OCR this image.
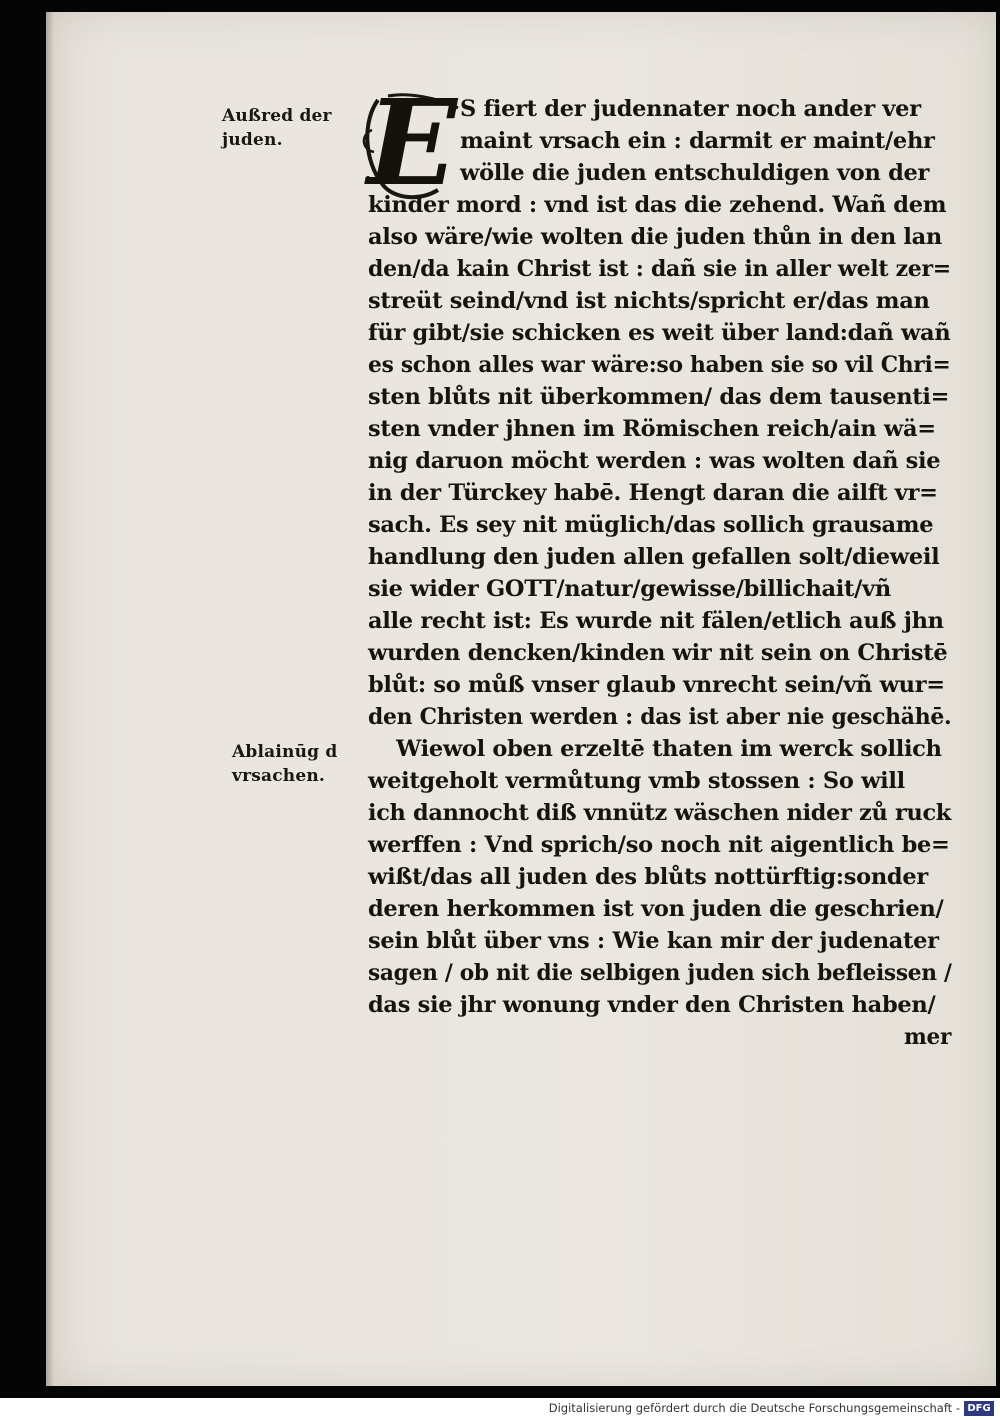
Außred der
juden. E S fiert der judennater noch ander ver
maint vrsach ein : darmit er maint/ehr
wölle die juden entschuldigen von der
kinder mord : vnd ist das die zehend. Wañ dem
also wäre/wie wolten die juden thůn in den lan
den/da kain Christ ist : dañ sie in aller welt zer=
streüt seind/vnd ist nichts/spricht er/das man
für gibt/sie schicken es weit über land:dañ wañ
es schon alles war wäre:so haben sie so vil Chri=
sten blůts nit überkommen/ das dem tausenti=
sten vnder jhnen im Römischen reich/ain wä=
nig daruon möcht werden : was wolten dañ sie
in der Türckey habē. Hengt daran die ailft vr=
sach. Es sey nit müglich/das sollich grausame
handlung den juden allen gefallen solt/dieweil
sie wider GOTT/natur/gewisse/billichait/vñ
alle recht ist: Es wurde nit fälen/etlich auß jhn
wurden dencken/kinden wir nit sein on Christē
blůt: so můß vnser glaub vnrecht sein/vñ wur=
den Christen werden : das ist aber nie geschähē.
Ablainūg d
vrsachen.
Wiewol oben erzeltē thaten im werck sollich
weitgeholt vermůtung vmb stossen : So will
ich dannocht diß vnnütz wäschen nider zů ruck
werffen : Vnd sprich/so noch nit aigentlich be=
wißt/das all juden des blůts nottürftig:sonder
deren herkommen ist von juden die geschrien/
sein blůt über vns : Wie kan mir der judenater
sagen / ob nit die selbigen juden sich befleissen /
das sie jhr wonung vnder den Christen haben/
mer
Digitalisierung gefördert durch die Deutsche Forschungsgemeinschaft - DFG
